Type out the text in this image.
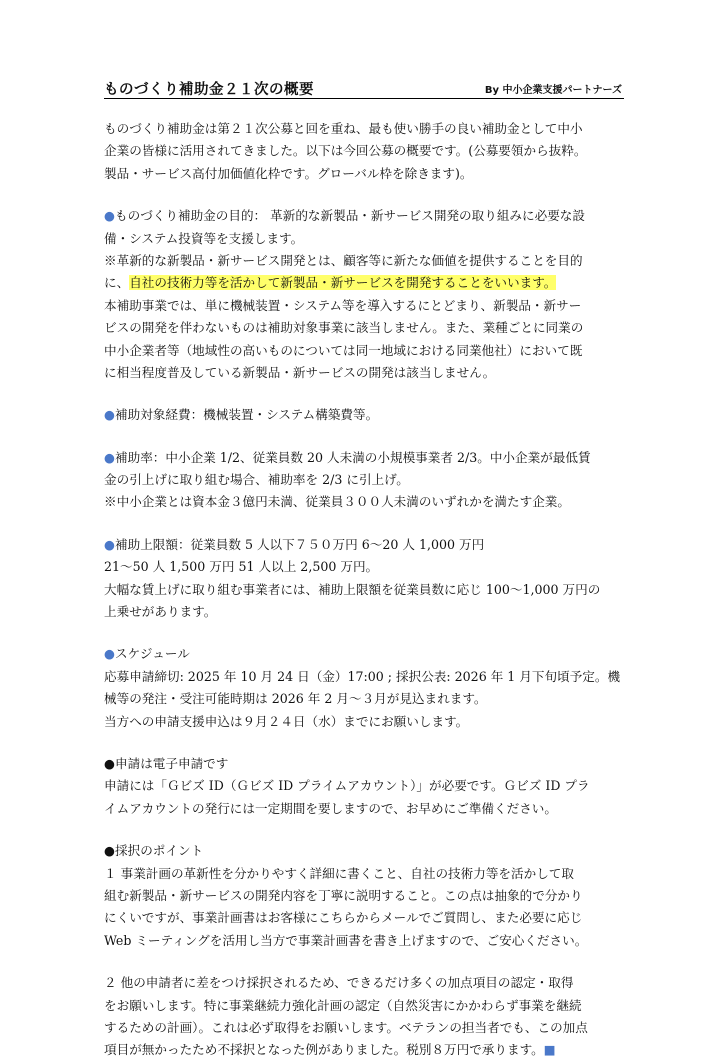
ものづくり補助金２１次の概要	By 中小企業支援パートナーズ
ものづくり補助金は第２１次公募と回を重ね、最も使い勝手の良い補助金として中小
企業の皆様に活用されてきました。以下は今回公募の概要です。(公募要領から抜粋。
製品・サービス高付加価値化枠です。グローバル枠を除きます)。
●ものづくり補助金の目的： 革新的な新製品・新サービス開発の取り組みに必要な設
備・システム投資等を支援します。
※革新的な新製品・新サービス開発とは、顧客等に新たな価値を提供することを目的
に、自社の技術力等を活かして新製品・新サービスを開発することをいいます。
本補助事業では、単に機械装置・システム等を導入するにとどまり、新製品・新サー
ビスの開発を伴わないものは補助対象事業に該当しません。また、業種ごとに同業の
中小企業者等（地域性の高いものについては同一地域における同業他社）において既
に相当程度普及している新製品・新サービスの開発は該当しません。
●補助対象経費：機械装置・システム構築費等。
●補助率：中小企業 1/2、従業員数 20 人未満の小規模事業者 2/3。中小企業が最低賃
金の引上げに取り組む場合、補助率を 2/3 に引上げ。
※中小企業とは資本金３億円未満、従業員３００人未満のいずれかを満たす企業。
●補助上限額：従業員数 5 人以下７５０万円 6～20 人 1,000 万円
21～50 人 1,500 万円 51 人以上 2,500 万円。
大幅な賃上げに取り組む事業者には、補助上限額を従業員数に応じ 100～1,000 万円の
上乗せがあります。
●スケジュール
応募申請締切: 2025 年 10 月 24 日（金）17:00 ; 採択公表: 2026 年 1 月下旬頃予定。機
械等の発注・受注可能時期は 2026 年 2 月～３月が見込まれます。
当方への申請支援申込は９月２４日（水）までにお願いします。
●申請は電子申請です
申請には「Ｇビズ ID（Ｇビズ ID プライムアカウント）」が必要です。Ｇビズ ID プラ
イムアカウントの発行には一定期間を要しますので、お早めにご準備ください。
●採択のポイント
１ 事業計画の革新性を分かりやすく詳細に書くこと、自社の技術力等を活かして取
組む新製品・新サービスの開発内容を丁寧に説明すること。この点は抽象的で分かり
にくいですが、事業計画書はお客様にこちらからメールでご質問し、また必要に応じ
Web ミーティングを活用し当方で事業計画書を書き上げますので、ご安心ください。
２ 他の申請者に差をつけ採択されるため、できるだけ多くの加点項目の認定・取得
をお願いします。特に事業継続力強化計画の認定（自然災害にかかわらず事業を継続
するための計画）。これは必ず取得をお願いします。ベテランの担当者でも、この加点
項目が無かったため不採択となった例がありました。税別８万円で承ります。■
